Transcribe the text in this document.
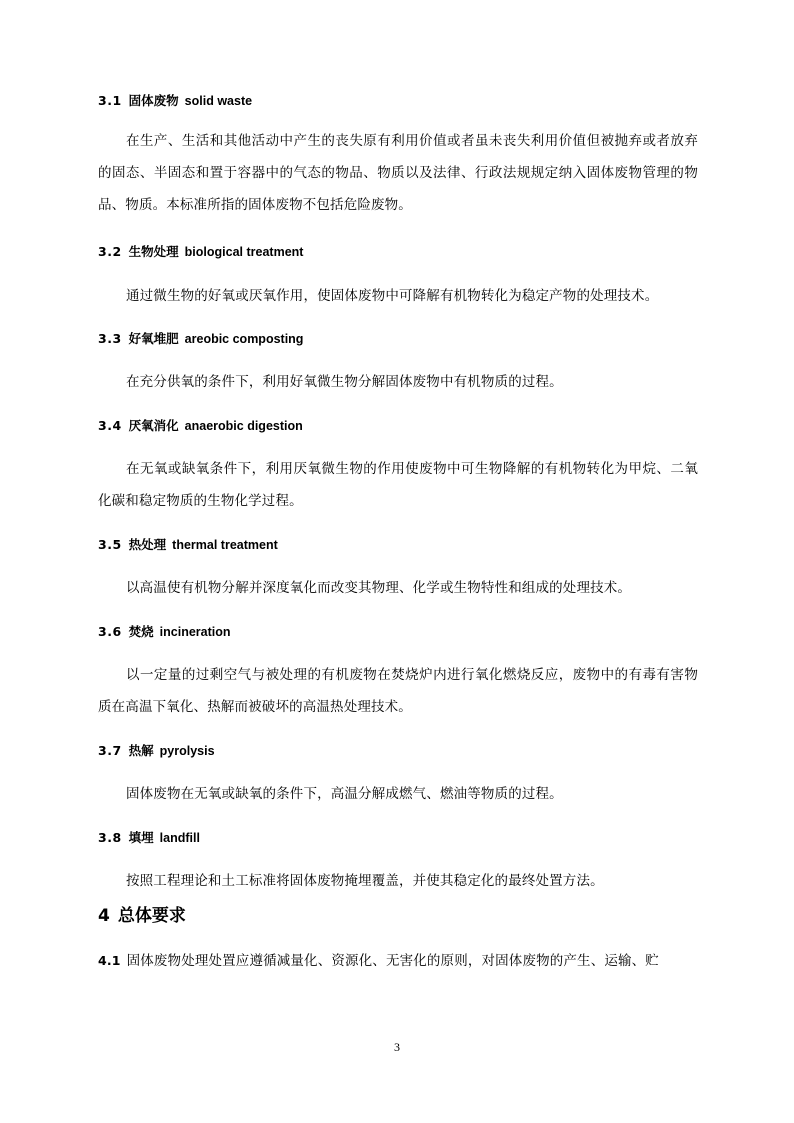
3.1 固体废物 solid waste
在生产、生活和其他活动中产生的丧失原有利用价值或者虽未丧失利用价值但被抛弃或者放弃的固态、半固态和置于容器中的气态的物品、物质以及法律、行政法规规定纳入固体废物管理的物品、物质。本标准所指的固体废物不包括危险废物。
3.2 生物处理 biological treatment
通过微生物的好氧或厌氧作用，使固体废物中可降解有机物转化为稳定产物的处理技术。
3.3 好氧堆肥 areobic composting
在充分供氧的条件下，利用好氧微生物分解固体废物中有机物质的过程。
3.4 厌氧消化 anaerobic digestion
在无氧或缺氧条件下，利用厌氧微生物的作用使废物中可生物降解的有机物转化为甲烷、二氧化碳和稳定物质的生物化学过程。
3.5 热处理 thermal treatment
以高温使有机物分解并深度氧化而改变其物理、化学或生物特性和组成的处理技术。
3.6 焚烧 incineration
以一定量的过剩空气与被处理的有机废物在焚烧炉内进行氧化燃烧反应，废物中的有毒有害物质在高温下氧化、热解而被破坏的高温热处理技术。
3.7 热解 pyrolysis
固体废物在无氧或缺氧的条件下，高温分解成燃气、燃油等物质的过程。
3.8 填埋 landfill
按照工程理论和土工标准将固体废物掩埋覆盖，并使其稳定化的最终处置方法。
4 总体要求
4.1 固体废物处理处置应遵循减量化、资源化、无害化的原则，对固体废物的产生、运输、贮
3
